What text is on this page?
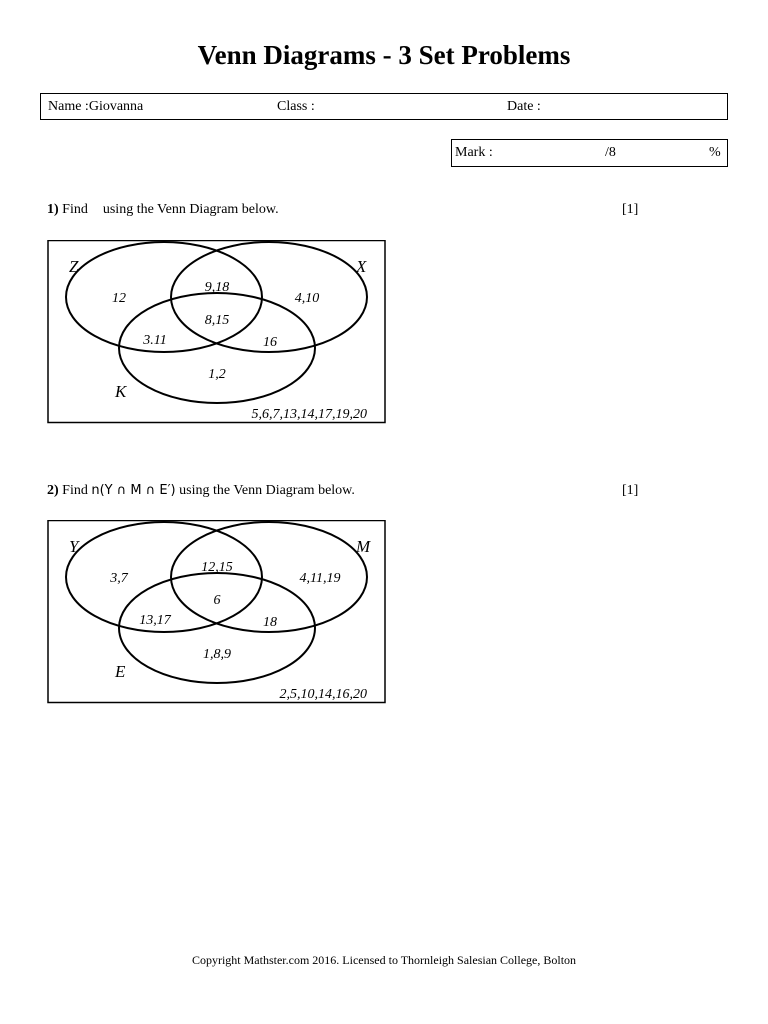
Venn Diagrams - 3 Set Problems
Name :Giovanna	Class :	Date :
Mark :	/8	%
1) Find using the Venn Diagram below.	[1]
Z	X
K
12
9,18
4,10
8,15
3.11	16
1,2
5,6,7,13,14,17,19,20
2) Find n(Y ∩ M ∩ E′) using the Venn Diagram below.	[1]
Y	M
E
3,7
12,15
4,11,19
6
13,17	18
1,8,9
2,5,10,14,16,20
Copyright Mathster.com 2016. Licensed to Thornleigh Salesian College, Bolton
